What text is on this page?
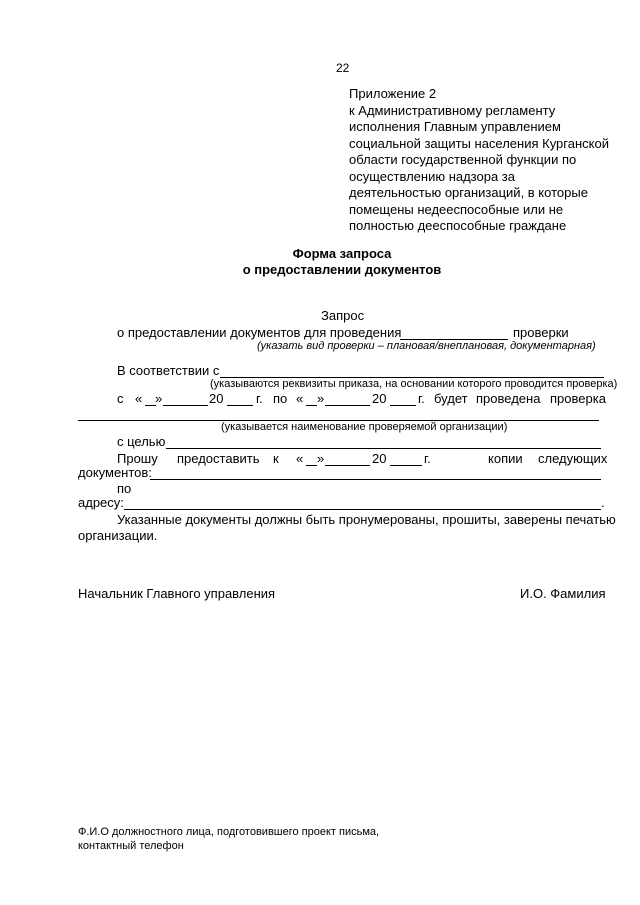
22
Приложение 2
к Административному регламенту
исполнения Главным управлением
социальной защиты населения Курганской
области государственной функции по
осуществлению надзора за
деятельностью организаций, в которые
помещены недееспособные или не
полностью дееспособные граждане
Форма запроса
о предоставлении документов
Запрос
о предоставлении документов для проведения	проверки
(указать вид проверки – плановая/внеплановая, документарная)
В соответствии с
(указываются реквизиты приказа, на основании которого проводится проверка)
с « »	20	г. по « »	20 г. будет проведена проверка
(указывается наименование проверяемой организации)
с целью
Прошу предоставить к « »	20	г.	копии следующих
документов:
по
адресу:	.
Указанные документы должны быть пронумерованы, прошиты, заверены печатью
организации.
Начальник Главного управления	И.О. Фамилия
Ф.И.О должностного лица, подготовившего проект письма,
контактный телефон
